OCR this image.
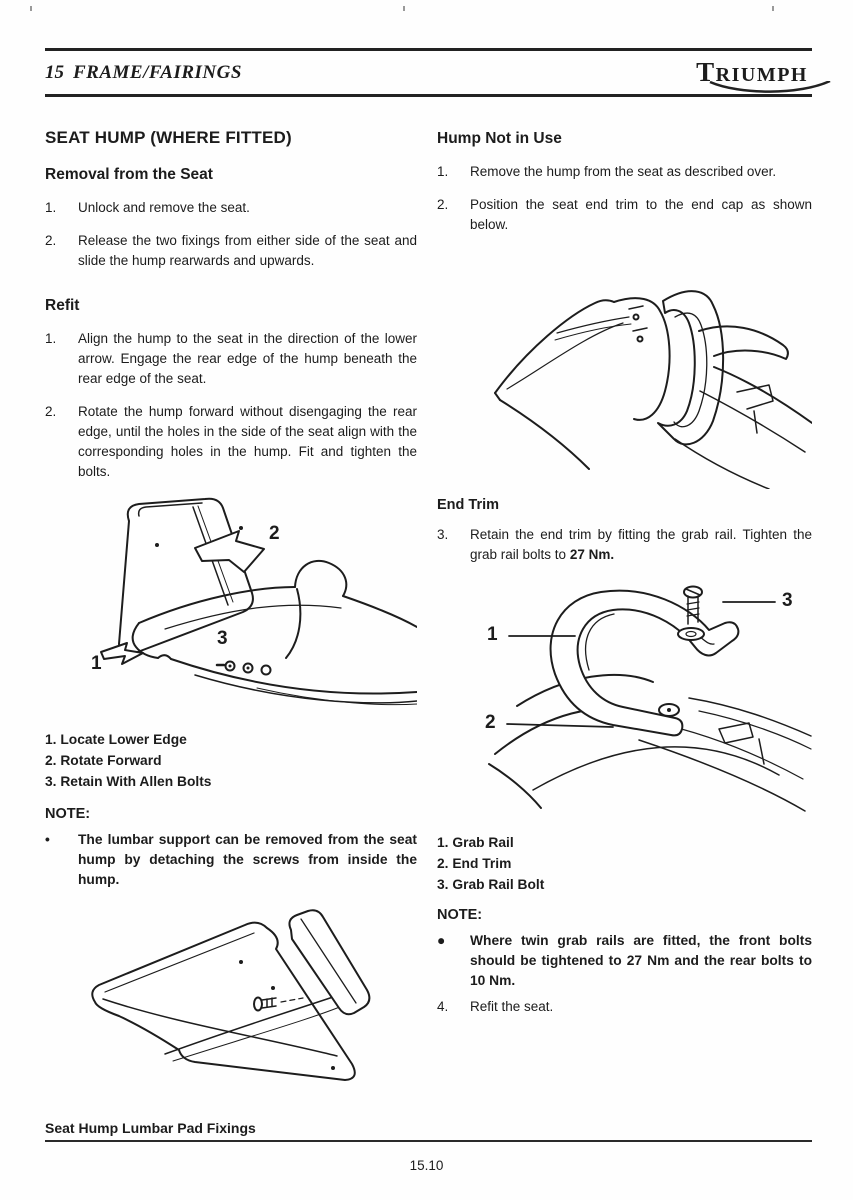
15 FRAME/FAIRINGS	TRIUMPH
SEAT HUMP (WHERE FITTED)
Removal from the Seat
1.	Unlock and remove the seat.
2.	Release the two fixings from either side of the seat and slide the hump rearwards and upwards.
Refit
1.	Align the hump to the seat in the direction of the lower arrow. Engage the rear edge of the hump beneath the rear edge of the seat.
2.	Rotate the hump forward without disengaging the rear edge, until the holes in the side of the seat align with the corresponding holes in the hump. Fit and tighten the bolts.
2
1
3
1. Locate Lower Edge
2. Rotate Forward
3. Retain With Allen Bolts
NOTE:
•	The lumbar support can be removed from the seat hump by detaching the screws from inside the hump.
Seat Hump Lumbar Pad Fixings
Hump Not in Use
1.	Remove the hump from the seat as described over.
2.	Position the seat end trim to the end cap as shown below.
End Trim
3.	Retain the end trim by fitting the grab rail. Tighten the grab rail bolts to 27 Nm.
3
1
2
1. Grab Rail
2. End Trim
3. Grab Rail Bolt
NOTE:
●	Where twin grab rails are fitted, the front bolts should be tightened to 27 Nm and the rear bolts to 10 Nm.
4.	Refit the seat.
15.10
